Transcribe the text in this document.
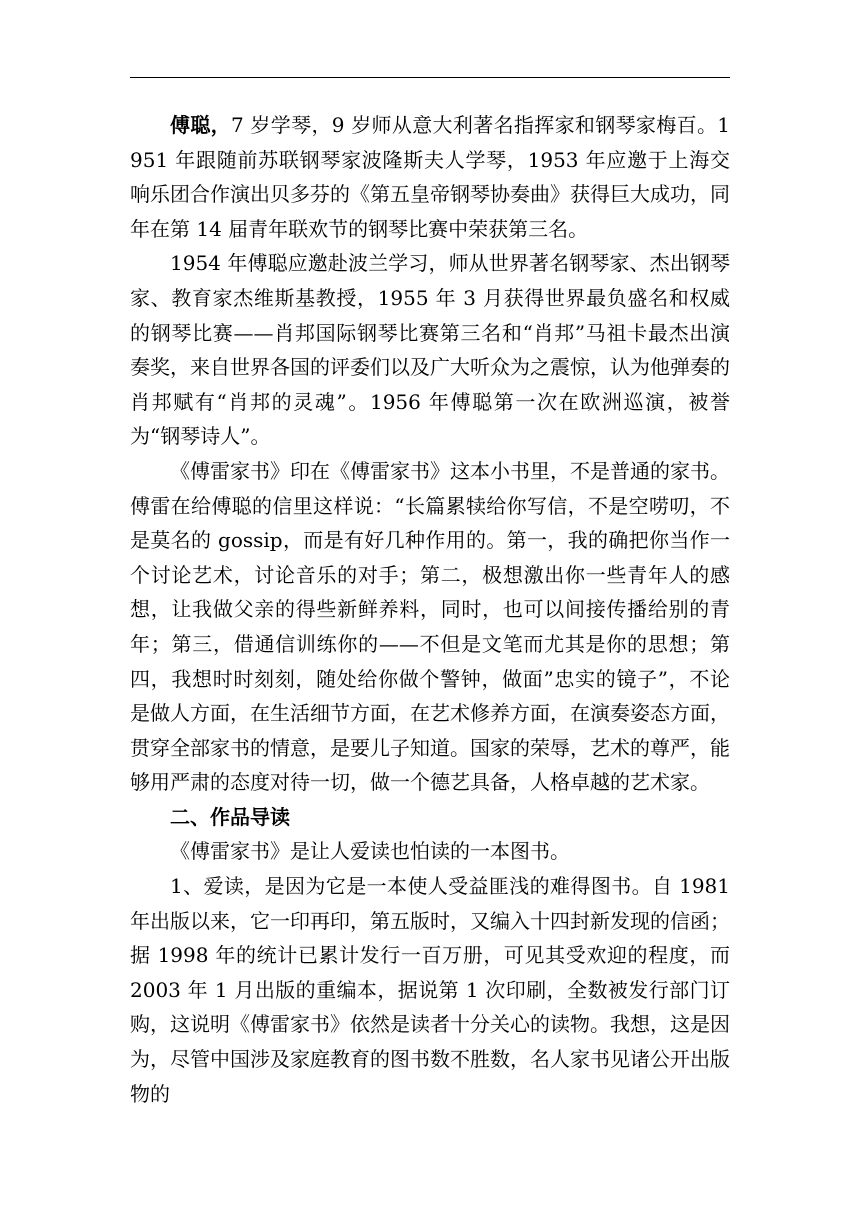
傅聪，7 岁学琴，9 岁师从意大利著名指挥家和钢琴家梅百。1951 年跟随前苏联钢琴家波隆斯夫人学琴，1953 年应邀于上海交响乐团合作演出贝多芬的《第五皇帝钢琴协奏曲》获得巨大成功，同年在第 14 届青年联欢节的钢琴比赛中荣获第三名。

1954 年傅聪应邀赴波兰学习，师从世界著名钢琴家、杰出钢琴家、教育家杰维斯基教授，1955 年 3 月获得世界最负盛名和权威的钢琴比赛——肖邦国际钢琴比赛第三名和“肖邦”马祖卡最杰出演奏奖，来自世界各国的评委们以及广大听众为之震惊，认为他弹奏的肖邦赋有“肖邦的灵魂”。1956 年傅聪第一次在欧洲巡演，被誉为“钢琴诗人”。

《傅雷家书》印在《傅雷家书》这本小书里，不是普通的家书。傅雷在给傅聪的信里这样说：“长篇累犊给你写信，不是空唠叨，不是莫名的 gossip，而是有好几种作用的。第一，我的确把你当作一个讨论艺术，讨论音乐的对手；第二，极想激出你一些青年人的感想，让我做父亲的得些新鲜养料，同时，也可以间接传播给别的青年；第三，借通信训练你的——不但是文笔而尤其是你的思想；第四，我想时时刻刻，随处给你做个警钟，做面”忠实的镜子”，不论是做人方面，在生活细节方面，在艺术修养方面，在演奏姿态方面，贯穿全部家书的情意，是要儿子知道。国家的荣辱，艺术的尊严，能够用严肃的态度对待一切，做一个德艺具备，人格卓越的艺术家。

二、作品导读

《傅雷家书》是让人爱读也怕读的一本图书。

1、爱读，是因为它是一本使人受益匪浅的难得图书。自 1981 年出版以来，它一印再印，第五版时，又编入十四封新发现的信函；据 1998 年的统计已累计发行一百万册，可见其受欢迎的程度，而 2003 年 1 月出版的重编本，据说第 1 次印刷，全数被发行部门订购，这说明《傅雷家书》依然是读者十分关心的读物。我想，这是因为，尽管中国涉及家庭教育的图书数不胜数，名人家书见诸公开出版物的
